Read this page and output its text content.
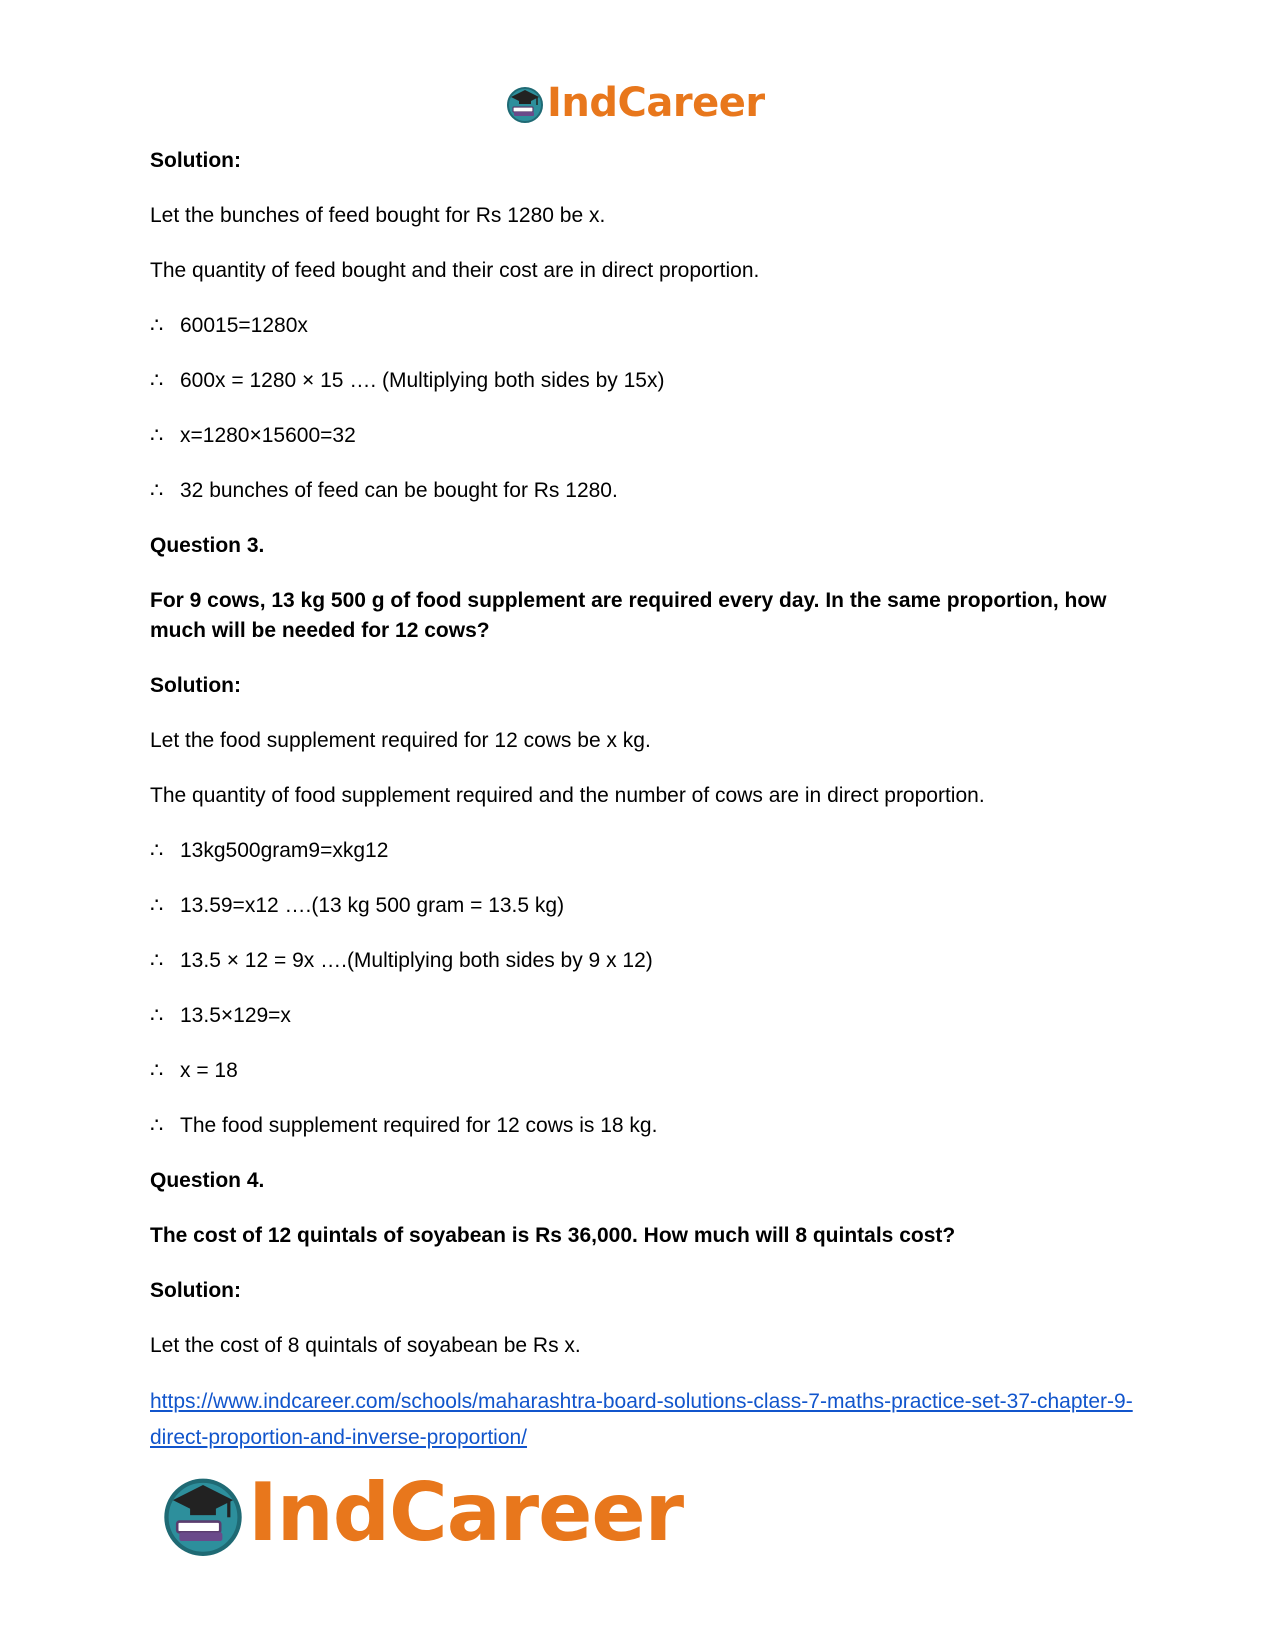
IndCareer

Solution:

Let the bunches of feed bought for Rs 1280 be x.

The quantity of feed bought and their cost are in direct proportion.

∴ 60015=1280x

∴ 600x = 1280 × 15 …. (Multiplying both sides by 15x)

∴ x=1280×15600=32

∴ 32 bunches of feed can be bought for Rs 1280.

Question 3.

For 9 cows, 13 kg 500 g of food supplement are required every day. In the same proportion, how much will be needed for 12 cows?

Solution:

Let the food supplement required for 12 cows be x kg.

The quantity of food supplement required and the number of cows are in direct proportion.

∴ 13kg500gram9=xkg12

∴ 13.59=x12 ….(13 kg 500 gram = 13.5 kg)

∴ 13.5 × 12 = 9x ….(Multiplying both sides by 9 x 12)

∴ 13.5×129=x

∴ x = 18

∴ The food supplement required for 12 cows is 18 kg.

Question 4.

The cost of 12 quintals of soyabean is Rs 36,000. How much will 8 quintals cost?

Solution:

Let the cost of 8 quintals of soyabean be Rs x.

https://www.indcareer.com/schools/maharashtra-board-solutions-class-7-maths-practice-set-37-chapter-9-direct-proportion-and-inverse-proportion/
IndCareer
